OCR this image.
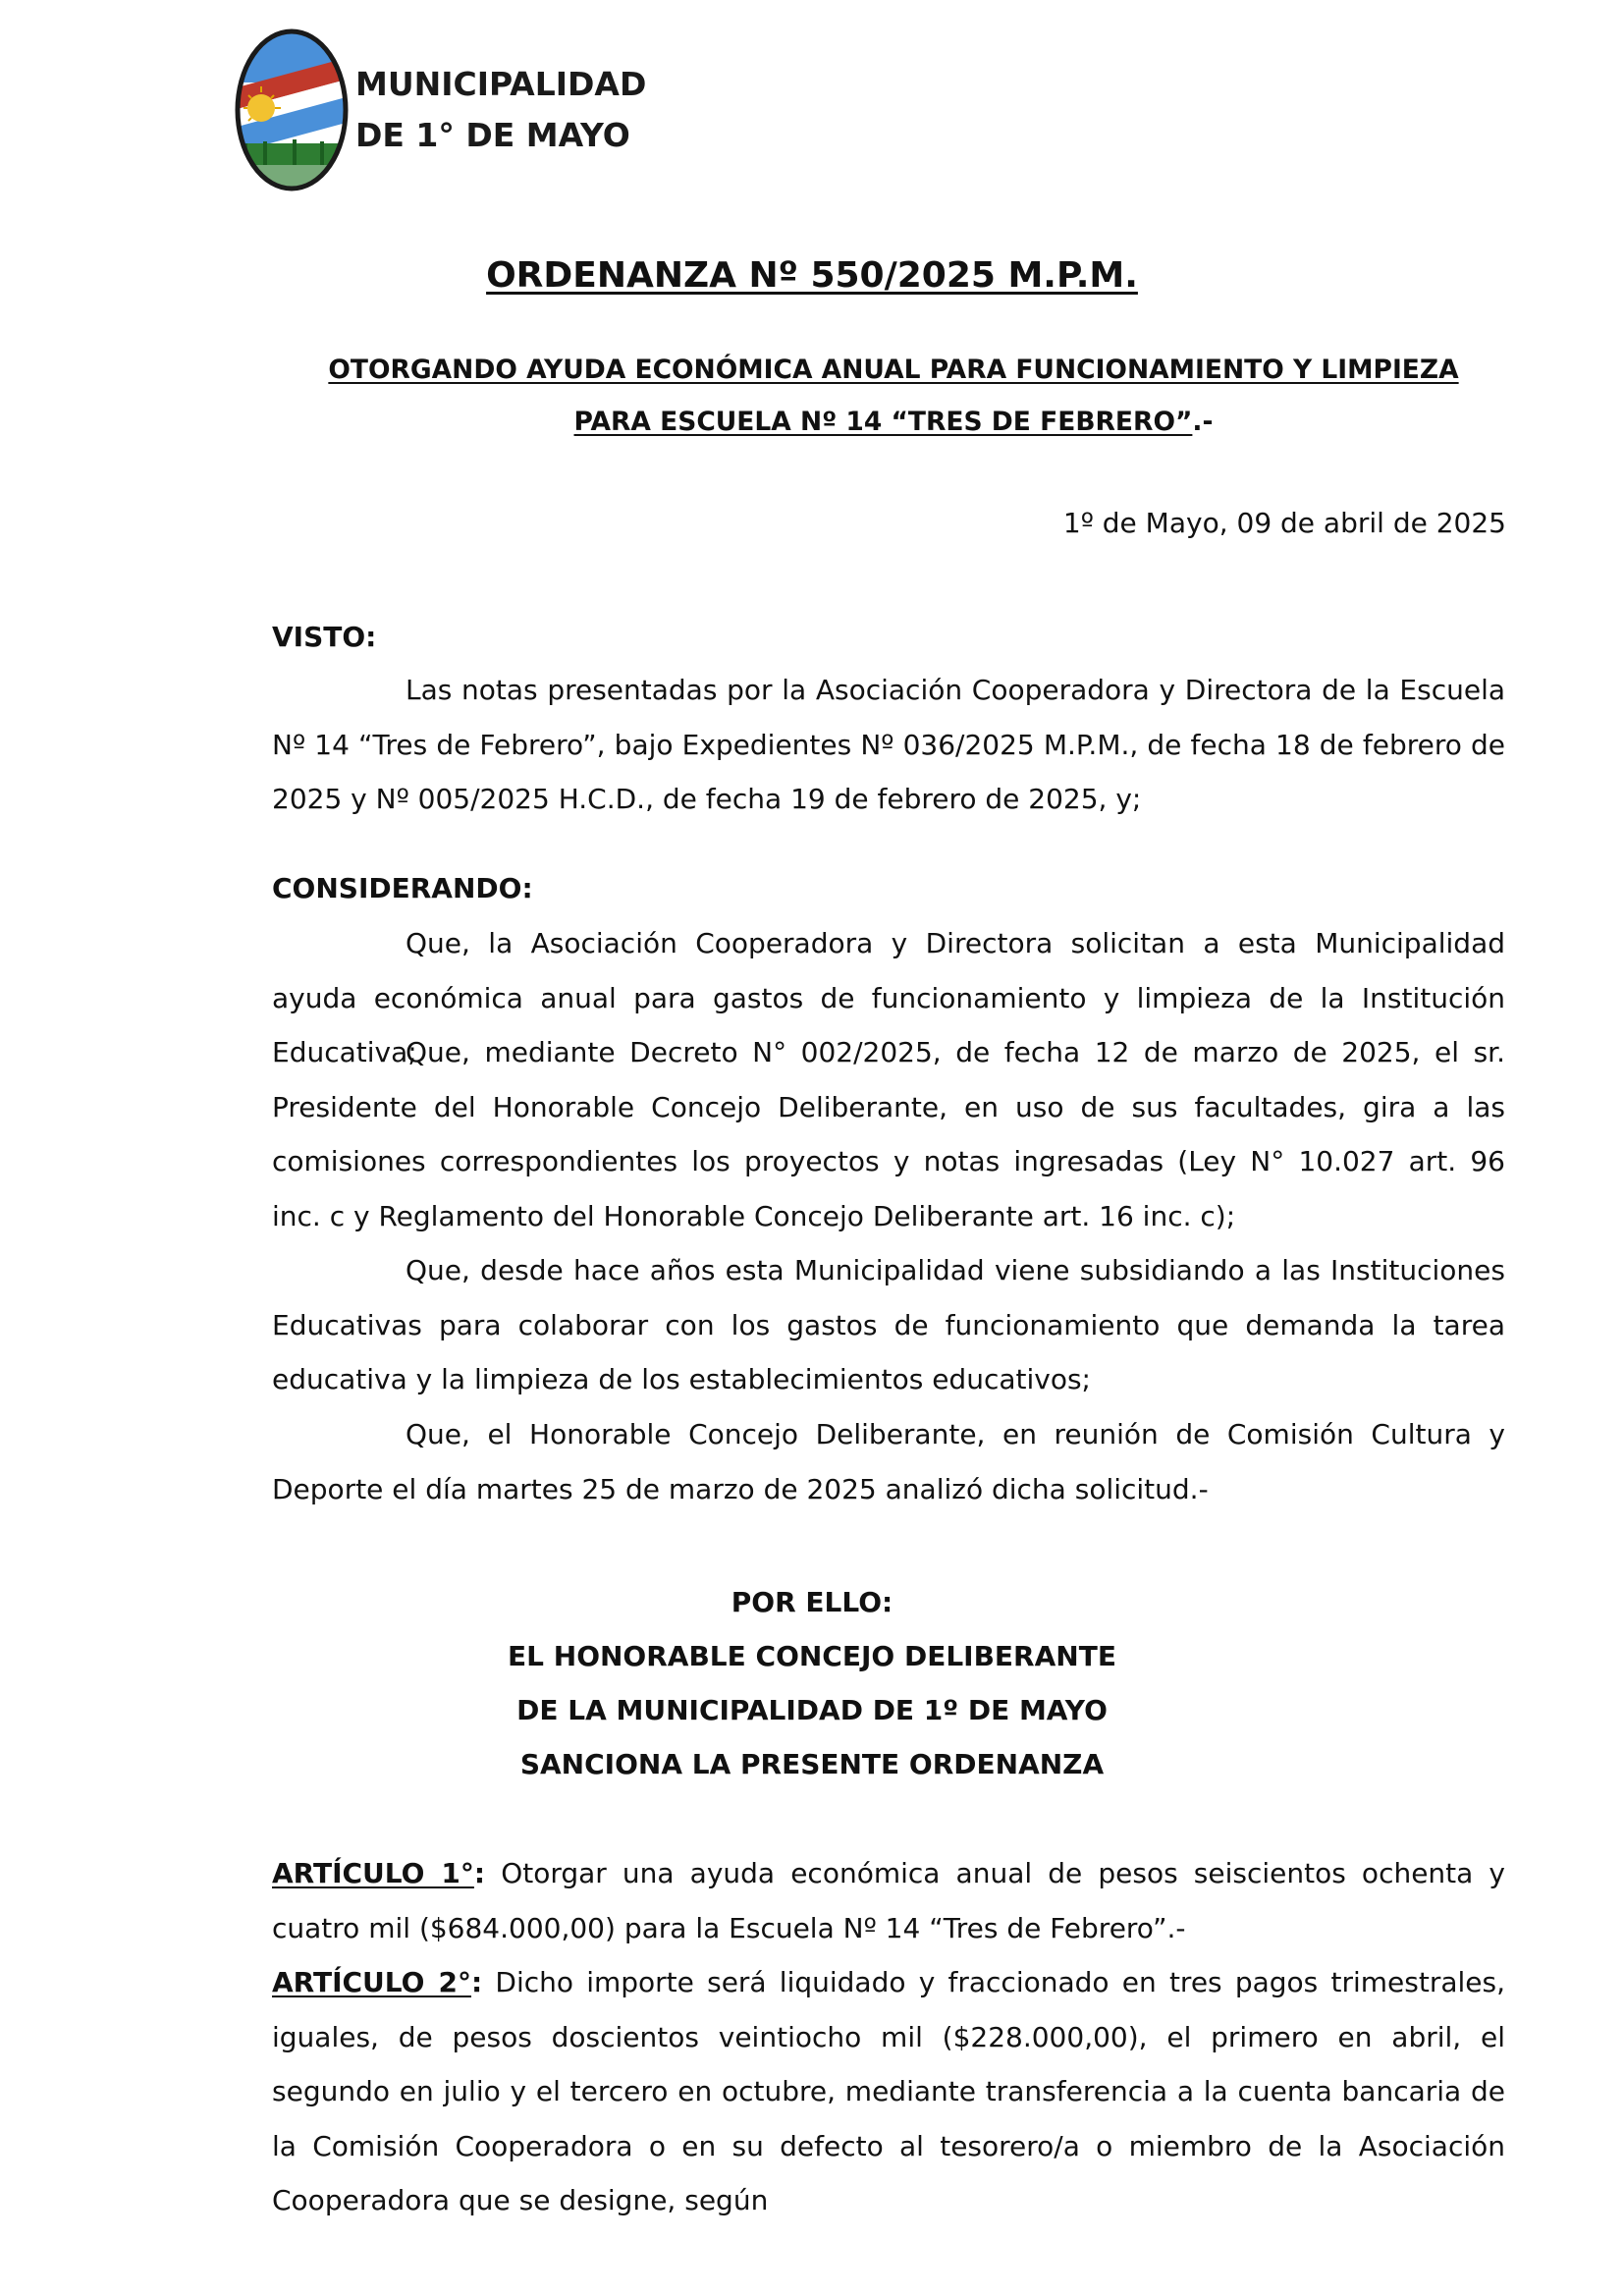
MUNICIPALIDAD
DE 1° DE MAYO
ORDENANZA Nº 550/2025 M.P.M.
OTORGANDO AYUDA ECONÓMICA ANUAL PARA FUNCIONAMIENTO Y LIMPIEZA
PARA ESCUELA Nº 14 “TRES DE FEBRERO”.-
1º de Mayo, 09 de abril de 2025
VISTO:
Las notas presentadas por la Asociación Cooperadora y Directora de la Escuela Nº 14 “Tres de Febrero”, bajo Expedientes Nº 036/2025 M.P.M., de fecha 18 de febrero de 2025 y Nº 005/2025 H.C.D., de fecha 19 de febrero de 2025, y;
CONSIDERANDO:
Que, la Asociación Cooperadora y Directora solicitan a esta Municipalidad ayuda económica anual para gastos de funcionamiento y limpieza de la Institución Educativa;
Que, mediante Decreto N° 002/2025, de fecha 12 de marzo de 2025, el sr. Presidente del Honorable Concejo Deliberante, en uso de sus facultades, gira a las comisiones correspondientes los proyectos y notas ingresadas (Ley N° 10.027 art. 96 inc. c y Reglamento del Honorable Concejo Deliberante art. 16 inc. c);
Que, desde hace años esta Municipalidad viene subsidiando a las Instituciones Educativas para colaborar con los gastos de funcionamiento que demanda la tarea educativa y la limpieza de los establecimientos educativos;
Que, el Honorable Concejo Deliberante, en reunión de Comisión Cultura y Deporte el día martes 25 de marzo de 2025 analizó dicha solicitud.-
POR ELLO:
EL HONORABLE CONCEJO DELIBERANTE
DE LA MUNICIPALIDAD DE 1º DE MAYO
SANCIONA LA PRESENTE ORDENANZA
ARTÍCULO 1°: Otorgar una ayuda económica anual de pesos seiscientos ochenta y cuatro mil ($684.000,00) para la Escuela Nº 14 “Tres de Febrero”.-
ARTÍCULO 2°: Dicho importe será liquidado y fraccionado en tres pagos trimestrales, iguales, de pesos doscientos veintiocho mil ($228.000,00), el primero en abril, el segundo en julio y el tercero en octubre, mediante transferencia a la cuenta bancaria de la Comisión Cooperadora o en su defecto al tesorero/a o miembro de la Asociación Cooperadora que se designe, según
